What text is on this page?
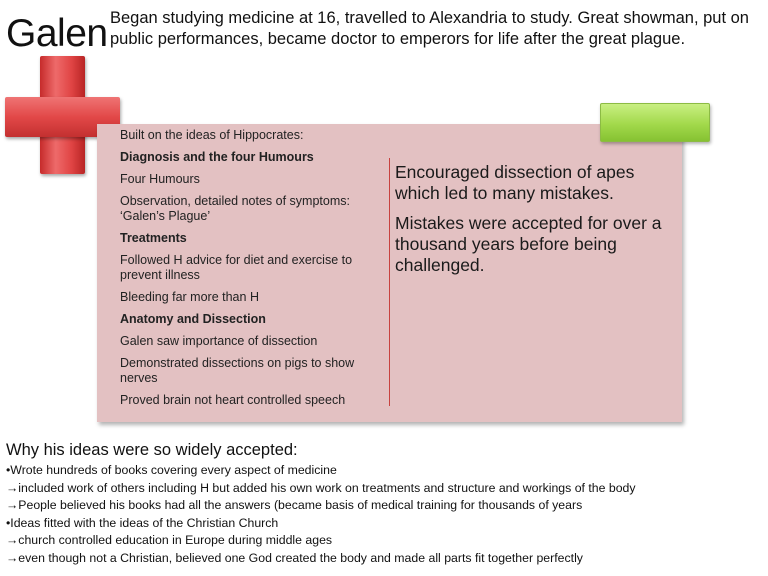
Galen Began studying medicine at 16, travelled to Alexandria to study. Great showman, put on public performances, became doctor to emperors for life after the great plague.
Built on the ideas of Hippocrates:
Diagnosis and the four Humours
Four Humours
Observation, detailed notes of symptoms: ‘Galen’s Plague’
Treatments
Followed H advice for diet and exercise to prevent illness
Bleeding far more than H
Anatomy and Dissection
Galen saw importance of dissection
Demonstrated dissections on pigs to show nerves
Proved brain not heart controlled speech
Encouraged dissection of apes which led to many mistakes.
Mistakes were accepted for over a thousand years before being challenged.
Why his ideas were so widely accepted:
•Wrote hundreds of books covering every aspect of medicine
→included work of others including H but added his own work on treatments and structure and workings of the body
→People believed his books had all the answers (became basis of medical training for thousands of years
•Ideas fitted with the ideas of the Christian Church
→church controlled education in Europe during middle ages
→even though not a Christian, believed one God created the body and made all parts fit together perfectly
